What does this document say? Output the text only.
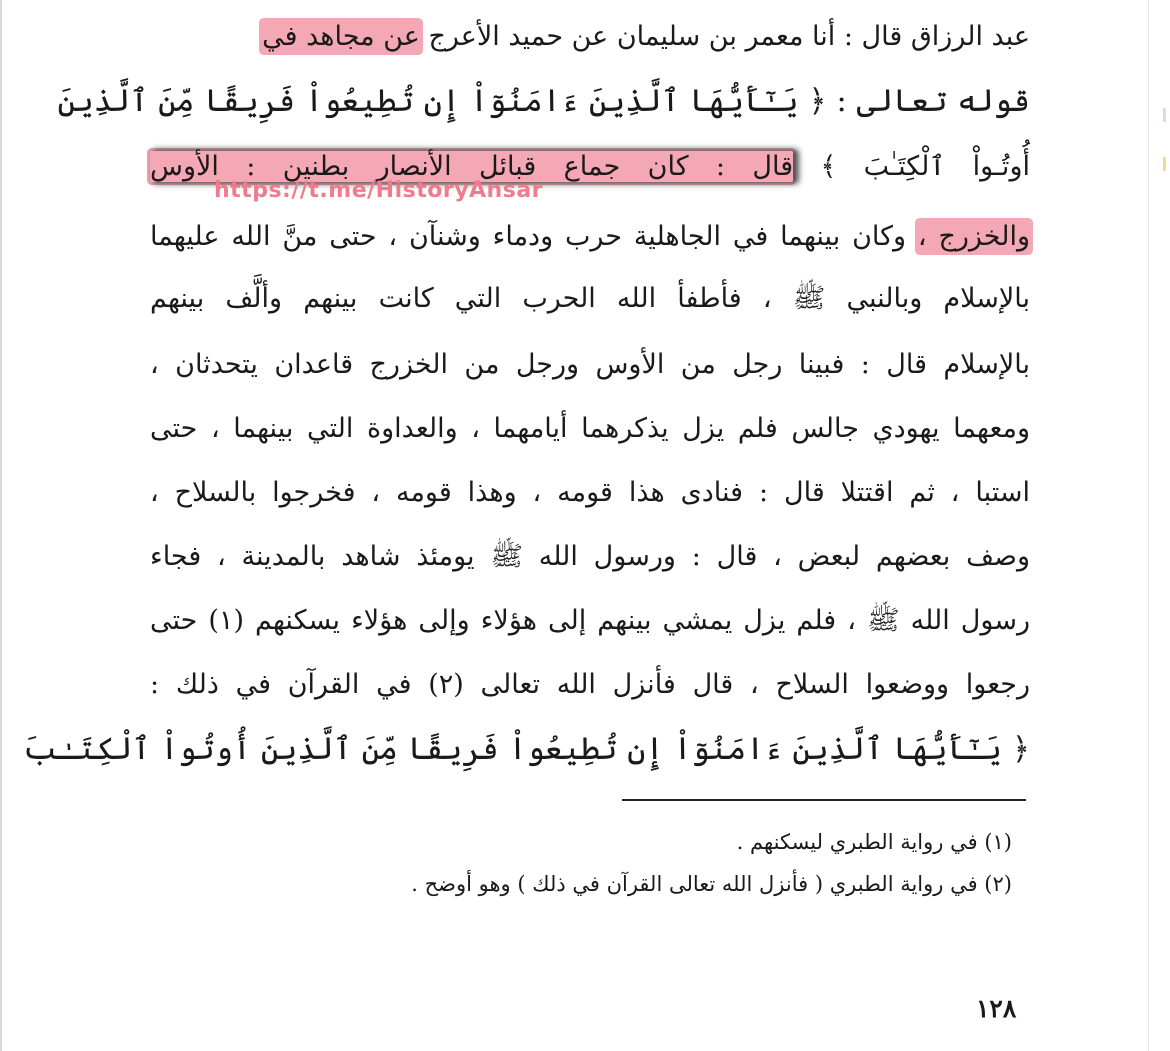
عبد الرزاق قال : أنا معمر بن سليمان عن حميد الأعرج عن مجاهد في
قوله تعالى : ﴿ يَـٰٓأَيُّهَا ٱلَّذِينَ ءَامَنُوٓاْ إِن تُطِيعُواْ فَرِيقًا مِّنَ ٱلَّذِينَ
أُوتُـواْ ٱلْكِتَـٰبَ ﴾ قال : كان جماع قبائل الأنصار بطنين : الأوس
والخزرج ، وكان بينهما في الجاهلية حرب ودماء وشنآن ، حتى منَّ الله عليهما
بالإسلام وبالنبي ﷺ ، فأطفأ الله الحرب التي كانت بينهم وألَّف بينهم
بالإسلام قال : فبينا رجل من الأوس ورجل من الخزرج قاعدان يتحدثان ،
ومعهما يهودي جالس فلم يزل يذكرهما أيامهما ، والعداوة التي بينهما ، حتى
استبا ، ثم اقتتلا قال : فنادى هذا قومه ، وهذا قومه ، فخرجوا بالسلاح ،
وصف بعضهم لبعض ، قال : ورسول الله ﷺ يومئذ شاهد بالمدينة ، فجاء
رسول الله ﷺ ، فلم يزل يمشي بينهم إلى هؤلاء وإلى هؤلاء يسكنهم (١) حتى
رجعوا ووضعوا السلاح ، قال فأنزل الله تعالى (٢) في القرآن في ذلك :
﴿ يَـٰٓأَيُّهَا ٱلَّذِينَ ءَامَنُوٓاْ إِن تُطِيعُواْ فَرِيقًا مِّنَ ٱلَّذِينَ أُوتُواْ ٱلْكِتَـٰبَ
https://t.me/HistoryAnsar
(١) في رواية الطبري ليسكنهم .
(٢) في رواية الطبري ( فأنزل الله تعالى القرآن في ذلك ) وهو أوضح .
١٢٨
